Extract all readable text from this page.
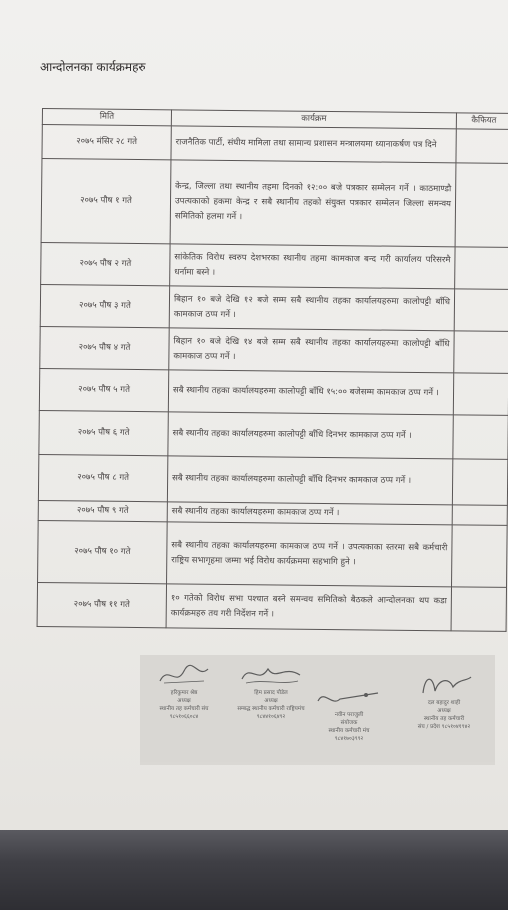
आन्दोलनका कार्यक्रमहरु
मिति	कार्यक्रम	कैफियत
२०७५ मंसिर २८ गते	राजनैतिक पार्टी, संघीय मामिला तथा सामान्य प्रशासन मन्त्रालयमा ध्यानाकर्षण पत्र दिने	
२०७५ पौष १ गते	केन्द्र, जिल्ला तथा स्थानीय तहमा दिनको १२:०० बजे पत्रकार सम्मेलन गर्ने । काठमाण्डौ उपत्यकाको हकमा केन्द्र र सबै स्थानीय तहको संयुक्त पत्रकार सम्मेलन जिल्ला समन्वय समितिको हलमा गर्ने ।	
२०७५ पौष २ गते	सांकेतिक विरोध स्वरुप देशभरका स्थानीय तहमा कामकाज बन्द गरी कार्यालय परिसरमै धर्नामा बस्ने ।	
२०७५ पौष ३ गते	बिहान १० बजे देखि १२ बजे सम्म सबै स्थानीय तहका कार्यालयहरुमा कालोपट्टी बाँधि कामकाज ठप्प गर्ने ।	
२०७५ पौष ४ गते	बिहान १० बजे देखि १४ बजे सम्म सबै स्थानीय तहका कार्यालयहरुमा कालोपट्टी बाँधि कामकाज ठप्प गर्ने ।	
२०७५ पौष ५ गते	सबै स्थानीय तहका कार्यालयहरुमा कालोपट्टी बाँधि १५:०० बजेसम्म कामकाज ठप्प गर्ने ।	
२०७५ पौष ६ गते	सबै स्थानीय तहका कार्यालयहरुमा कालोपट्टी बाँधि दिनभर कामकाज ठप्प गर्ने ।	
२०७५ पौष ८ गते	सबै स्थानीय तहका कार्यालयहरुमा कालोपट्टी बाँधि दिनभर कामकाज ठप्प गर्ने ।	
२०७५ पौष ९ गते	सबै स्थानीय तहका कार्यालयहरुमा कामकाज ठप्प गर्ने ।	
२०७५ पौष १० गते	सबै स्थानीय तहका कार्यालयहरुमा कामकाज ठप्प गर्ने । उपत्यकाका स्तरमा सबै कर्मचारी राष्ट्रिय सभागृहमा जम्मा भई विरोध कार्यक्रममा सहभागि हुने ।	
२०७५ पौष ११ गते	१० गतेको विरोध सभा पश्चात बस्ने समन्वय समितिको बैठकले आन्दोलनका थप कडा कार्यक्रमहरु तय गरी निर्देशन गर्ने ।	
हरिकुमार श्रेष्ठ
अध्यक्ष
स्थानीय तह कर्मचारी संघ
९८५१०६६०८४
हिम प्रसाद पौडेल
अध्यक्ष
सम्बद्ध स्थानीय कर्मचारी राष्ट्रियमंच
९८४४१०६४९२	नवीन पराजुली
संयोजक
स्थानीय कर्मचारी मंच
९८४१७०३९९२
दल बहादुर शाही
अध्यक्ष
स्थानीय तह कर्मचारी
संघ / प्रदेश ९८५१०४१९४२
